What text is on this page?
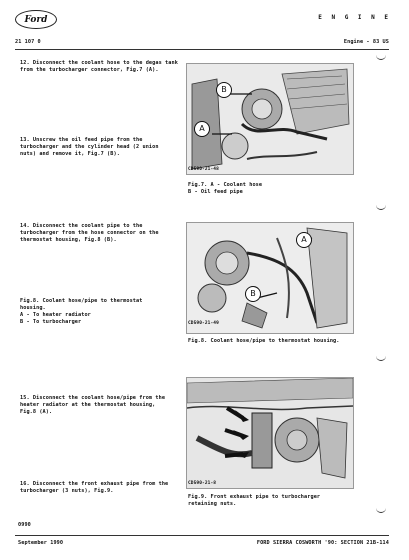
Ford	E N G I N E
21 107 0	Engine - 83 US
12. Disconnect the coolant hose to the degas tank
from the turbocharger connector, Fig.7 (A).
13. Unscrew the oil feed pipe from the
turbocharger and the cylinder head (2 union
nuts) and remove it, Fig.7 (B).
14. Disconnect the coolant pipe to the
turbocharger from the hose connector on the
thermostat housing, Fig.8 (B).
Fig.8. Coolant hose/pipe to thermostat
housing.
A - To heater radiator
B - To turbocharger
15. Disconnect the coolant hose/pipe from the
heater radiator at the thermostat housing,
Fig.8 (A).
16. Disconnect the front exhaust pipe from the
turbocharger (3 nuts), Fig.9.
A
B
CD590-21-48
Fig.7. A - Coolant hose
B - Oil feed pipe
A
B
CD590-21-49
Fig.8. Coolant hose/pipe to thermostat housing.
CD590-21-8
Fig.9. Front exhaust pipe to turbocharger
retaining nuts.
0990
September 1990	FORD SIERRA COSWORTH '90: SECTION 21B-114
